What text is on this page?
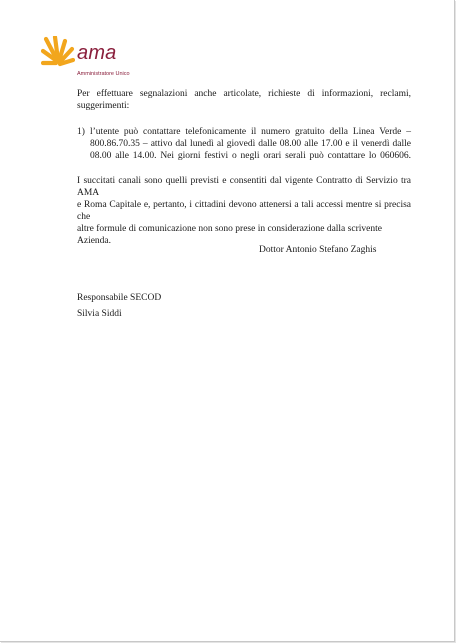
ama
Amministratore Unico
Per effettuare segnalazioni anche articolate, richieste di informazioni, reclami,
suggerimenti:
1) l’utente può contattare telefonicamente il numero gratuito della Linea Verde –
800.86.70.35 – attivo dal lunedì al giovedì dalle 08.00 alle 17.00 e il venerdì dalle
08.00 alle 14.00. Nei giorni festivi o negli orari serali può contattare lo 060606.
I succitati canali sono quelli previsti e consentiti dal vigente Contratto di Servizio tra AMA
e Roma Capitale e, pertanto, i cittadini devono attenersi a tali accessi mentre si precisa che
altre formule di comunicazione non sono prese in considerazione dalla scrivente Azienda.
Dottor Antonio Stefano Zaghis
Responsabile SECOD
Silvia Siddi
